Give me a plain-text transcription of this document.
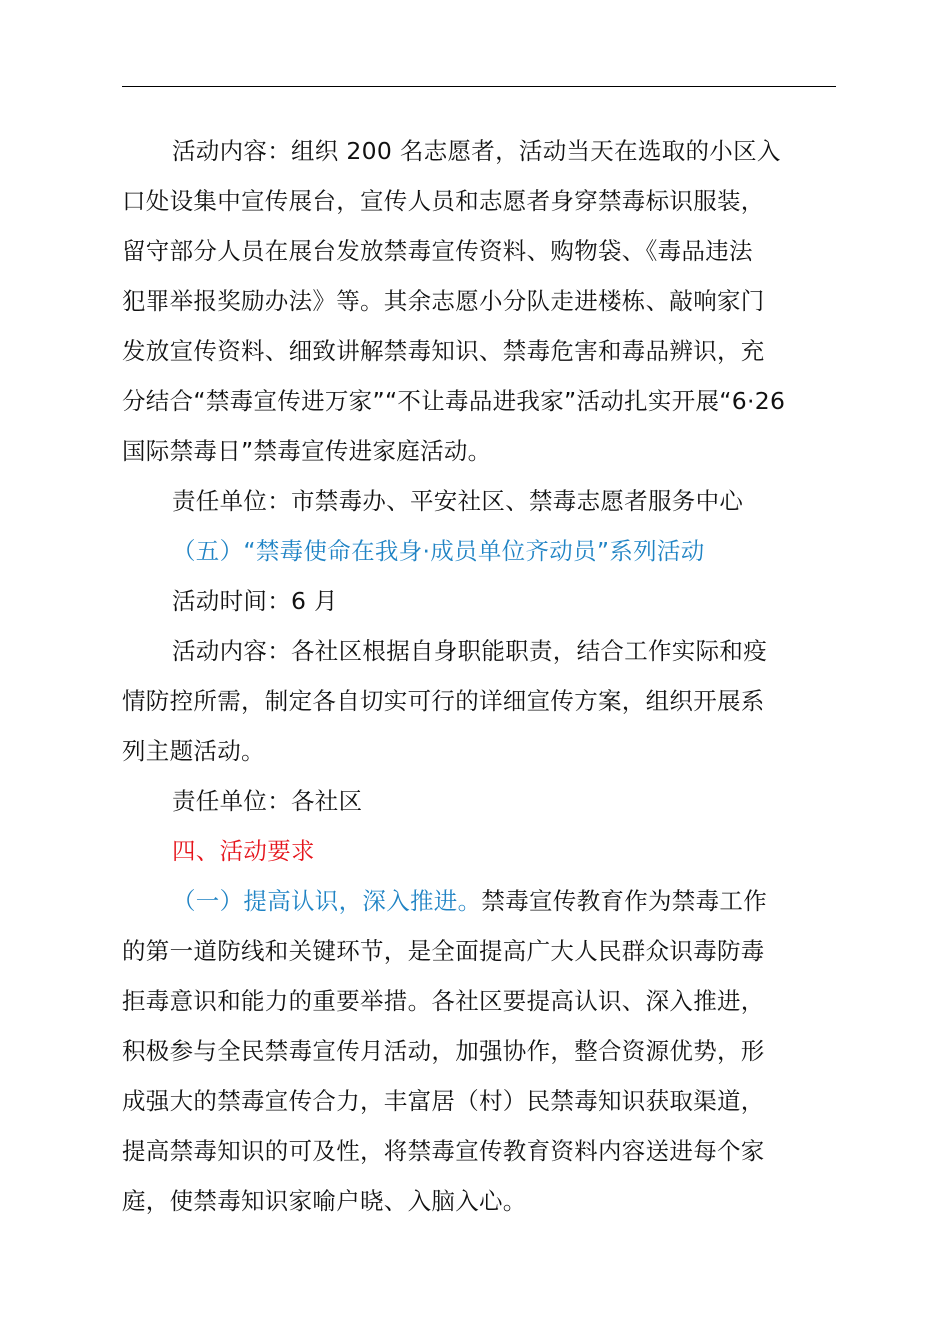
活动内容：组织 200 名志愿者，活动当天在选取的小区入
口处设集中宣传展台，宣传人员和志愿者身穿禁毒标识服装，
留守部分人员在展台发放禁毒宣传资料、购物袋、《毒品违法
犯罪举报奖励办法》等。其余志愿小分队走进楼栋、敲响家门
发放宣传资料、细致讲解禁毒知识、禁毒危害和毒品辨识，充
分结合“禁毒宣传进万家”“不让毒品进我家”活动扎实开展“6·26
国际禁毒日”禁毒宣传进家庭活动。

责任单位：市禁毒办、平安社区、禁毒志愿者服务中心

（五）“禁毒使命在我身·成员单位齐动员”系列活动

活动时间：6 月

活动内容：各社区根据自身职能职责，结合工作实际和疫
情防控所需，制定各自切实可行的详细宣传方案，组织开展系
列主题活动。

责任单位：各社区

四、活动要求

（一）提高认识，深入推进。禁毒宣传教育作为禁毒工作
的第一道防线和关键环节，是全面提高广大人民群众识毒防毒
拒毒意识和能力的重要举措。各社区要提高认识、深入推进，
积极参与全民禁毒宣传月活动，加强协作，整合资源优势，形
成强大的禁毒宣传合力，丰富居（村）民禁毒知识获取渠道，
提高禁毒知识的可及性，将禁毒宣传教育资料内容送进每个家
庭，使禁毒知识家喻户晓、入脑入心。
